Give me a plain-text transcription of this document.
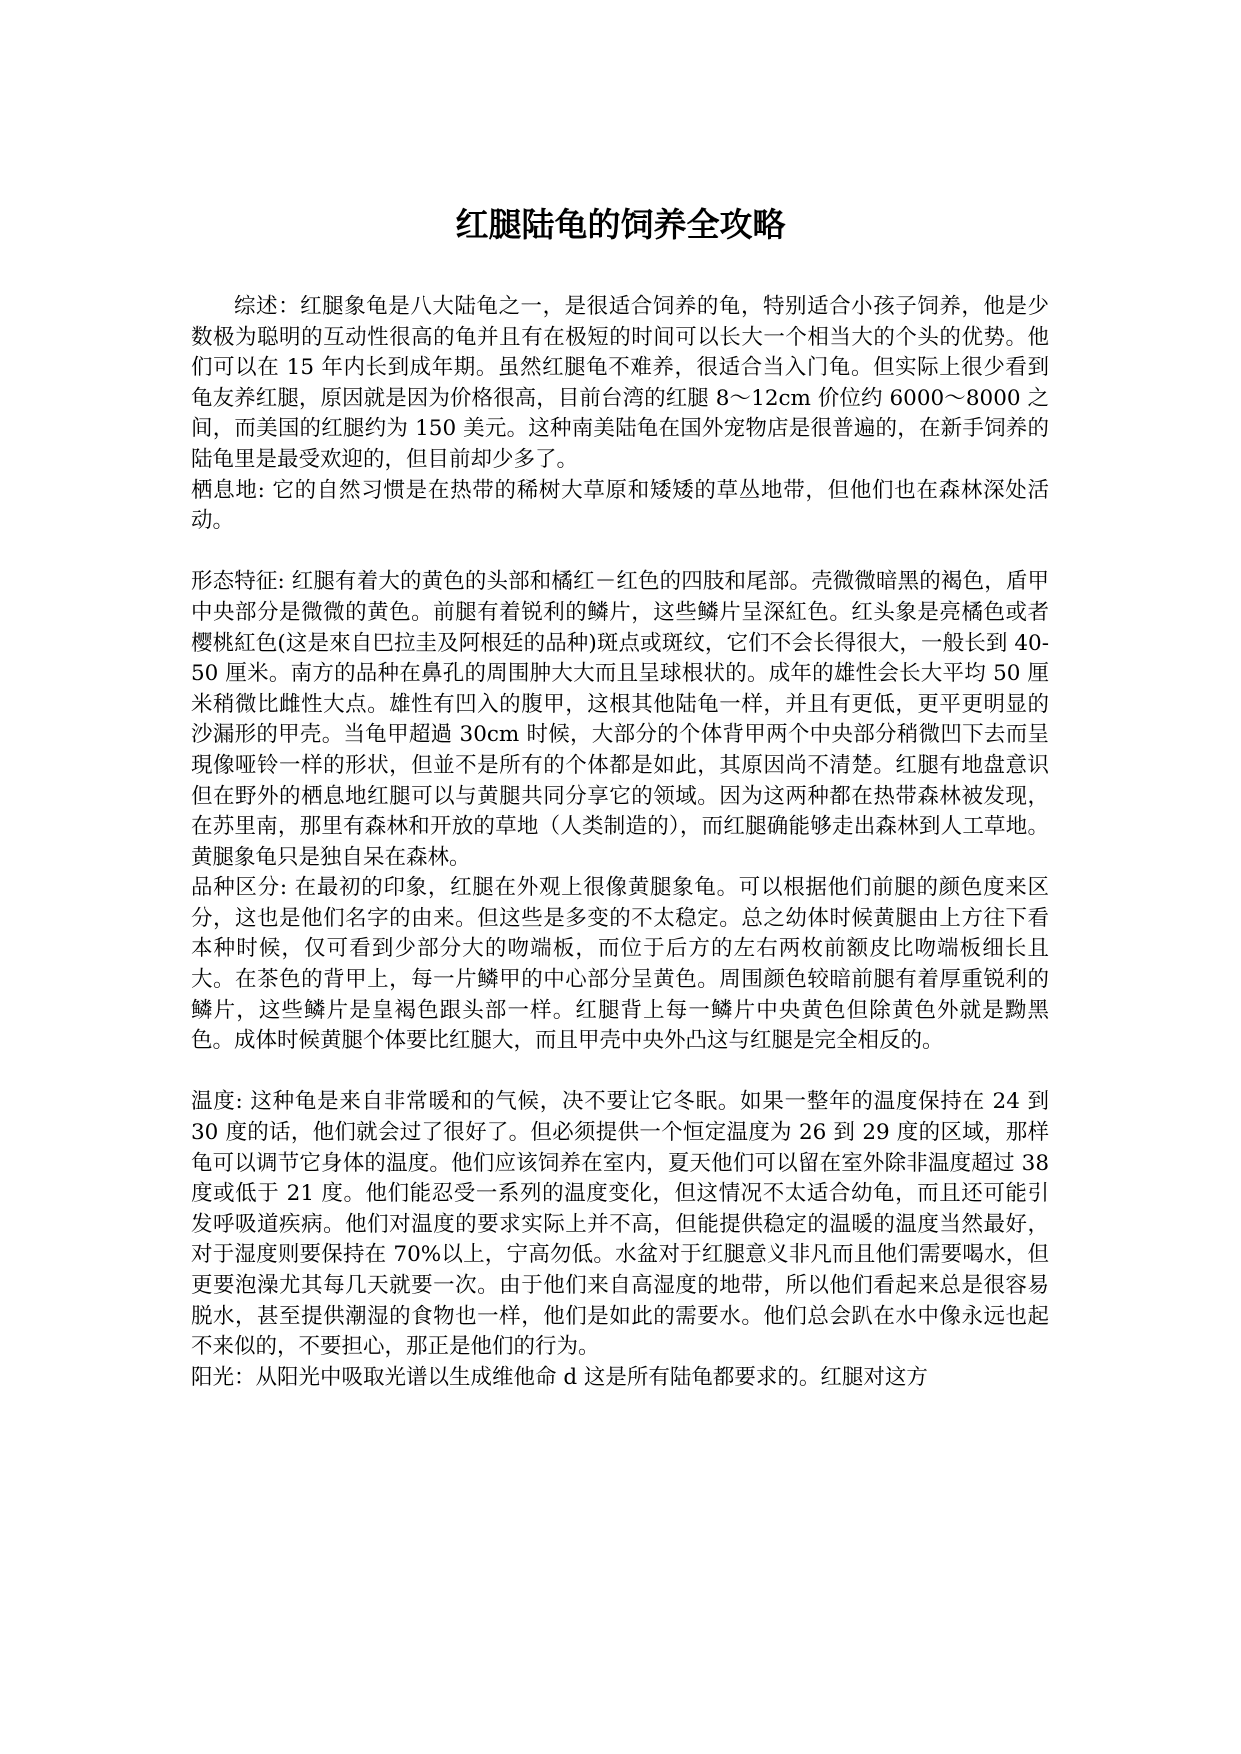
红腿陆龟的饲养全攻略

综述：红腿象龟是八大陆龟之一，是很适合饲养的龟，特别适合小孩子饲养，他是少数极为聪明的互动性很高的龟并且有在极短的时间可以长大一个相当大的个头的优势。他们可以在 15 年内长到成年期。虽然红腿龟不难养，很适合当入门龟。但实际上很少看到龟友养红腿，原因就是因为价格很高，目前台湾的红腿 8～12cm 价位约 6000～8000 之间，而美国的红腿约为 150 美元。这种南美陆龟在国外宠物店是很普遍的，在新手饲养的陆龟里是最受欢迎的，但目前却少多了。

栖息地: 它的自然习惯是在热带的稀树大草原和矮矮的草丛地带，但他们也在森林深处活动。

形态特征: 红腿有着大的黄色的头部和橘红－红色的四肢和尾部。壳微微暗黑的褐色，盾甲中央部分是微微的黄色。前腿有着锐利的鳞片，这些鳞片呈深紅色。红头象是亮橘色或者樱桃紅色(这是來自巴拉圭及阿根廷的品种)斑点或斑纹，它们不会长得很大，一般长到 40-50 厘米。南方的品种在鼻孔的周围肿大大而且呈球根状的。成年的雄性会长大平均 50 厘米稍微比雌性大点。雄性有凹入的腹甲，这根其他陆龟一样，并且有更低，更平更明显的沙漏形的甲壳。当龟甲超過 30cm 时候，大部分的个体背甲两个中央部分稍微凹下去而呈現像哑铃一样的形状，但並不是所有的个体都是如此，其原因尚不清楚。红腿有地盘意识但在野外的栖息地红腿可以与黄腿共同分享它的领域。因为这两种都在热带森林被发现，在苏里南，那里有森林和开放的草地（人类制造的），而红腿确能够走出森林到人工草地。黄腿象龟只是独自呆在森林。

品种区分: 在最初的印象，红腿在外观上很像黄腿象龟。可以根据他们前腿的颜色度来区分，这也是他们名字的由来。但这些是多变的不太稳定。总之幼体时候黄腿由上方往下看本种时候，仅可看到少部分大的吻端板，而位于后方的左右两枚前额皮比吻端板细长且大。在茶色的背甲上，每一片鳞甲的中心部分呈黄色。周围颜色较暗前腿有着厚重锐利的鳞片，这些鳞片是皇褐色跟头部一样。红腿背上每一鳞片中央黄色但除黄色外就是黝黑色。成体时候黄腿个体要比红腿大，而且甲壳中央外凸这与红腿是完全相反的。

温度: 这种龟是来自非常暖和的气候，决不要让它冬眠。如果一整年的温度保持在 24 到 30 度的话，他们就会过了很好了。但必须提供一个恒定温度为 26 到 29 度的区域，那样龟可以调节它身体的温度。他们应该饲养在室内，夏天他们可以留在室外除非温度超过 38 度或低于 21 度。他们能忍受一系列的温度变化，但这情况不太适合幼龟，而且还可能引发呼吸道疾病。他们对温度的要求实际上并不高，但能提供稳定的温暖的温度当然最好，对于湿度则要保持在 70%以上，宁高勿低。水盆对于红腿意义非凡而且他们需要喝水，但更要泡澡尤其每几天就要一次。由于他们来自高湿度的地带，所以他们看起来总是很容易脱水，甚至提供潮湿的食物也一样，他们是如此的需要水。他们总会趴在水中像永远也起不来似的，不要担心，那正是他们的行为。

阳光：从阳光中吸取光谱以生成维他命 d 这是所有陆龟都要求的。红腿对这方
